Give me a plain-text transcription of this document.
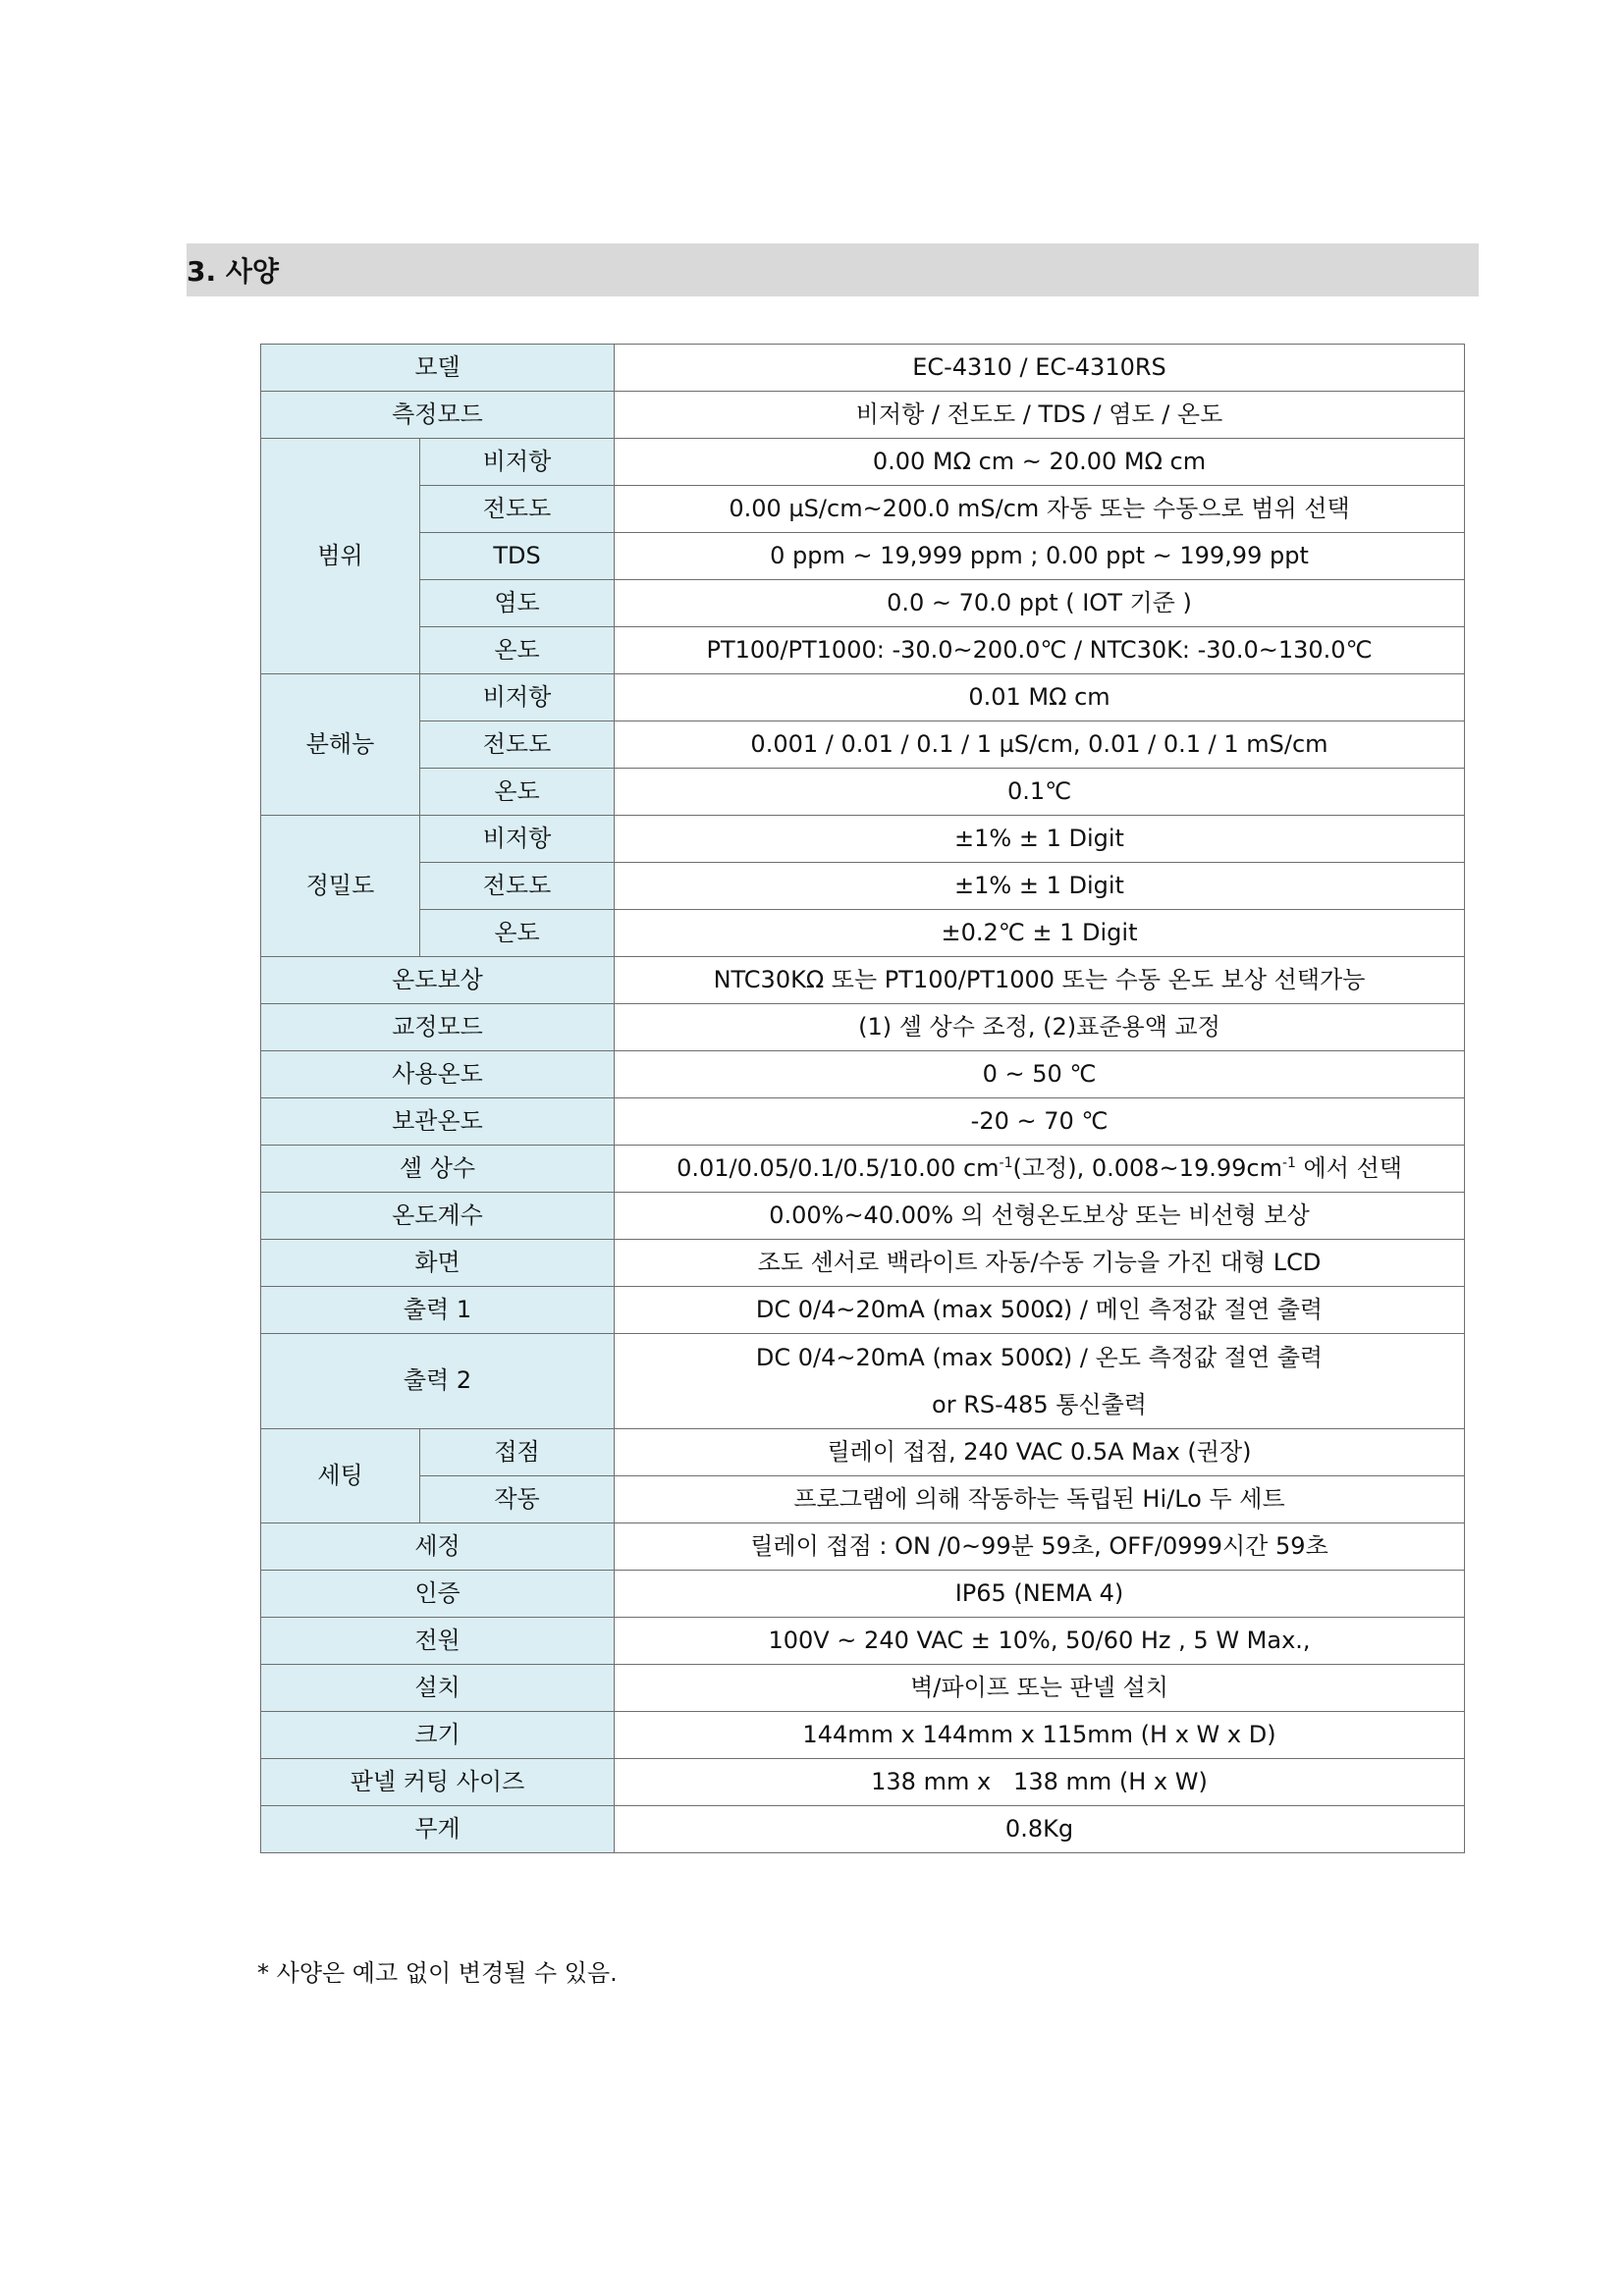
3. 사양
모델		EC-4310 / EC-4310RS
측정모드		비저항 / 전도도 / TDS / 염도 / 온도
범위	비저항	0.00 MΩ cm ~ 20.00 MΩ cm
	전도도	0.00 µS/cm~200.0 mS/cm 자동 또는 수동으로 범위 선택
	TDS	0 ppm ~ 19,999 ppm ; 0.00 ppt ~ 199,99 ppt
	염도	0.0 ~ 70.0 ppt ( IOT 기준 )
	온도	PT100/PT1000: -30.0~200.0℃ / NTC30K: -30.0~130.0℃
분해능	비저항	0.01 MΩ cm
	전도도	0.001 / 0.01 / 0.1 / 1 µS/cm, 0.01 / 0.1 / 1 mS/cm
	온도	0.1℃
정밀도	비저항	±1% ± 1 Digit
	전도도	±1% ± 1 Digit
	온도	±0.2℃ ± 1 Digit
온도보상		NTC30KΩ 또는 PT100/PT1000 또는 수동 온도 보상 선택가능
교정모드		(1) 셀 상수 조정, (2)표준용액 교정
사용온도		0 ~ 50 ℃
보관온도		-20 ~ 70 ℃
셀 상수		0.01/0.05/0.1/0.5/10.00 $cm^{-1}$(고정), $0.008\sim 19.99cm^{-1}$ 에서 선택
온도계수		0.00%~40.00% 의 선형온도보상 또는 비선형 보상
화면		조도 센서로 백라이트 자동/수동 기능을 가진 대형 LCD
출력 1		DC 0/4~20mA (max 500Ω) / 메인 측정값 절연 출력
출력 2		DC 0/4~20mA (max 500Ω) / 온도 측정값 절연 출력
or RS-485 통신출력

세팅	접점	릴레이 접점, 240 VAC 0.5A Max (권장)
	작동	프로그램에 의해 작동하는 독립된 Hi/Lo 두 세트
세정		릴레이 접점 : ON /0~99분 59초, OFF/0999시간 59초
인증		IP65 (NEMA 4)
전원		100V ~ 240 VAC ± 10%, 50/60 Hz , 5 W Max.,
설치		벽/파이프 또는 판넬 설치
크기		144mm x 144mm x 115mm (H x W x D)
판넬 커팅 사이즈		138 mm x   138 mm (H x W)
무게		0.8Kg
* 사양은 예고 없이 변경될 수 있음.
